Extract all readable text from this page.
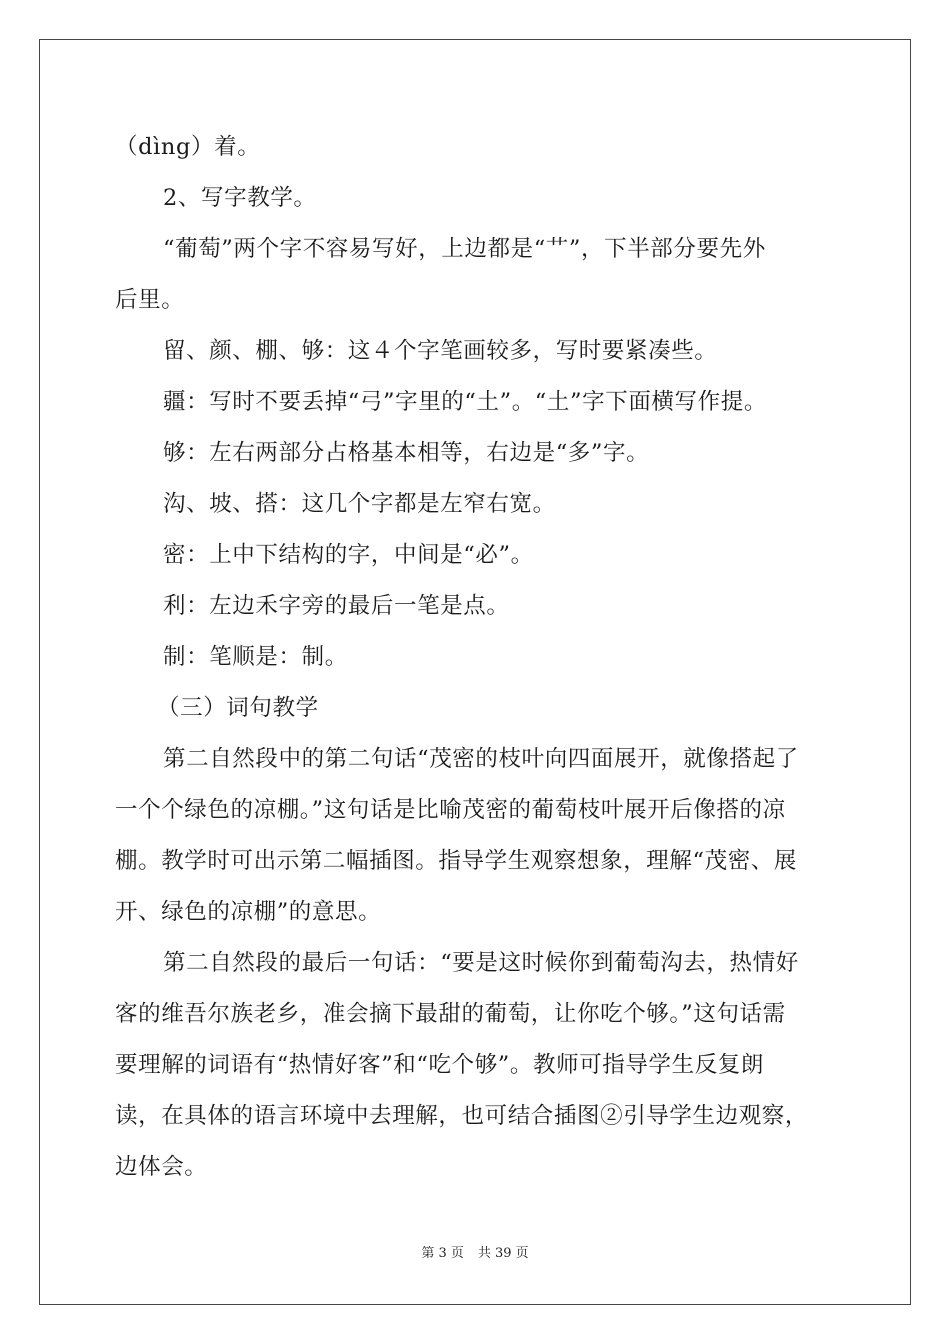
（dìng）着。
2、写字教学。
“葡萄”两个字不容易写好，上边都是“艹”，下半部分要先外
后里。
留、颜、棚、够：这４个字笔画较多，写时要紧凑些。
疆：写时不要丢掉“弓”字里的“土”。“土”字下面横写作提。
够：左右两部分占格基本相等，右边是“多”字。
沟、坡、搭：这几个字都是左窄右宽。
密：上中下结构的字，中间是“必”。
利：左边禾字旁的最后一笔是点。
制：笔顺是：制。
（三）词句教学
第二自然段中的第二句话“茂密的枝叶向四面展开，就像搭起了
一个个绿色的凉棚。”这句话是比喻茂密的葡萄枝叶展开后像搭的凉
棚。教学时可出示第二幅插图。指导学生观察想象，理解“茂密、展
开、绿色的凉棚”的意思。
第二自然段的最后一句话：“要是这时候你到葡萄沟去，热情好
客的维吾尔族老乡，准会摘下最甜的葡萄，让你吃个够。”这句话需
要理解的词语有“热情好客”和“吃个够”。教师可指导学生反复朗
读，在具体的语言环境中去理解，也可结合插图②引导学生边观察，
边体会。
第 3 页 共 39 页
